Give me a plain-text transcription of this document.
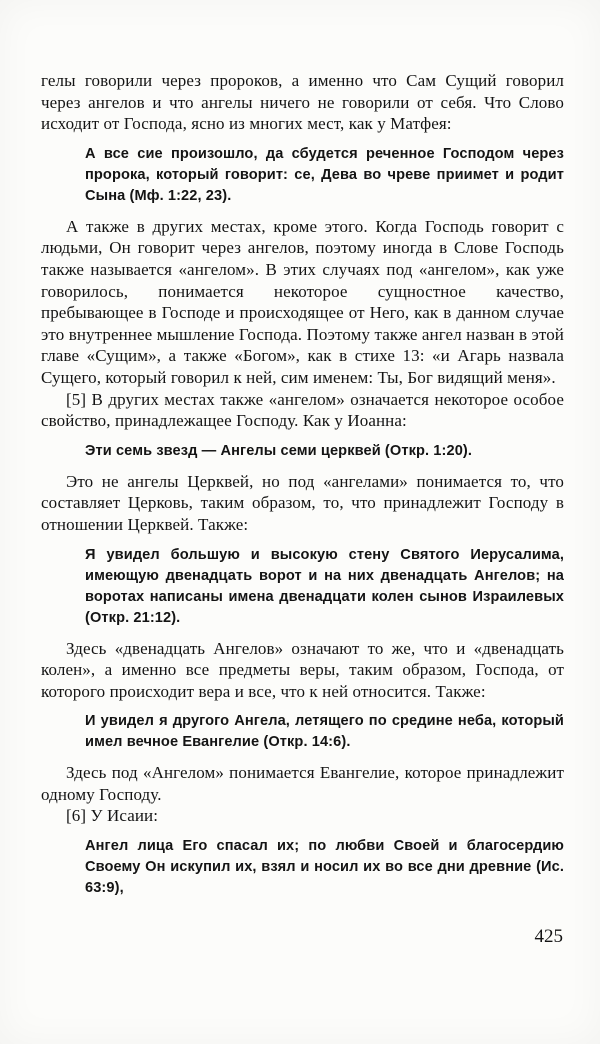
гелы говорили через пророков, а именно что Сам Сущий говорил через ангелов и что ангелы ничего не говорили от себя. Что Слово исходит от Господа, ясно из многих мест, как у Матфея:

А все сие произошло, да сбудется реченное Господом через пророка, который говорит: се, Дева во чреве приимет и родит Сына (Мф. 1:22, 23).

А также в других местах, кроме этого. Когда Господь говорит с людьми, Он говорит через ангелов, поэтому иногда в Слове Господь также называется «ангелом». В этих случаях под «ангелом», как уже говорилось, понимается некоторое сущностное качество, пребывающее в Господе и происходящее от Него, как в данном случае это внутреннее мышление Господа. Поэтому также ангел назван в этой главе «Сущим», а также «Богом», как в стихе 13: «и Агарь назвала Сущего, который говорил к ней, сим именем: Ты, Бог видящий меня».

[5] В других местах также «ангелом» означается некоторое особое свойство, принадлежащее Господу. Как у Иоанна:

Эти семь звезд — Ангелы семи церквей (Откр. 1:20).

Это не ангелы Церквей, но под «ангелами» понимается то, что составляет Церковь, таким образом, то, что принадлежит Господу в отношении Церквей. Также:

Я увидел большую и высокую стену Святого Иерусалима, имеющую двенадцать ворот и на них двенадцать Ангелов; на воротах написаны имена двенадцати колен сынов Израилевых (Откр. 21:12).

Здесь «двенадцать Ангелов» означают то же, что и «двенадцать колен», а именно все предметы веры, таким образом, Господа, от которого происходит вера и все, что к ней относится. Также:

И увидел я другого Ангела, летящего по средине неба, который имел вечное Евангелие (Откр. 14:6).

Здесь под «Ангелом» понимается Евангелие, которое принадлежит одному Господу.

[6] У Исаии:

Ангел лица Его спасал их; по любви Своей и благосердию Своему Он искупил их, взял и носил их во все дни древние (Ис. 63:9),

425
